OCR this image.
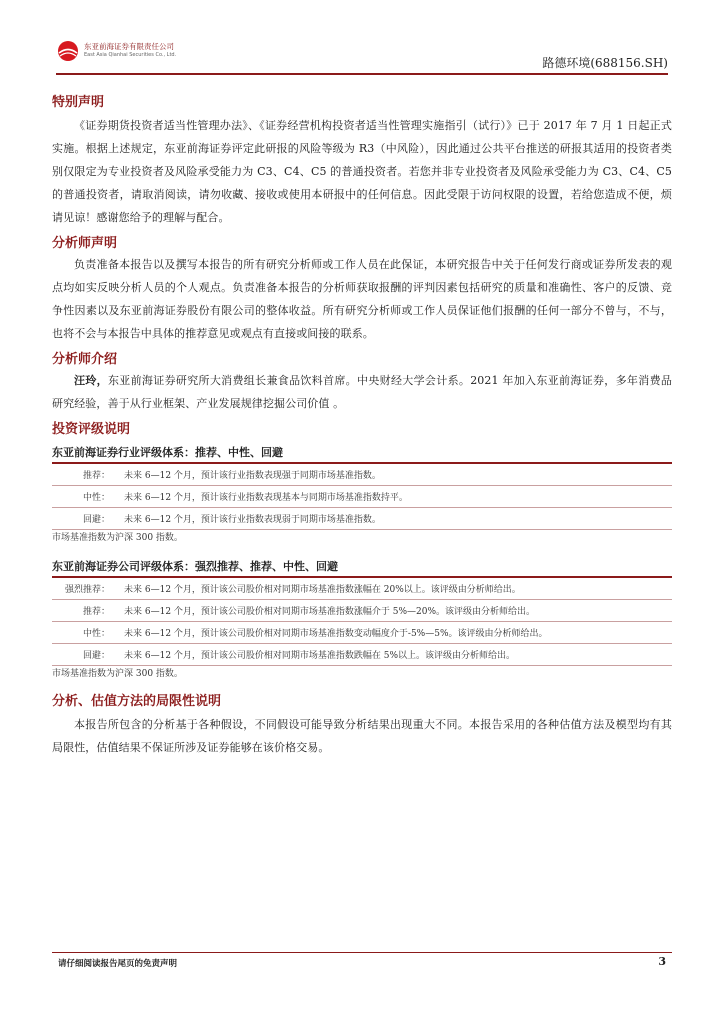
东亚前海证券有限责任公司
East Asia Qianhai Securities Co., Ltd.
路德环境(688156.SH)
特别声明

《证券期货投资者适当性管理办法》、《证券经营机构投资者适当性管理实施指引（试行）》已于 2017 年 7 月 1 日起正式实施。根据上述规定，东亚前海证券评定此研报的风险等级为 R3（中风险），因此通过公共平台推送的研报其适用的投资者类别仅限定为专业投资者及风险承受能力为 C3、C4、C5 的普通投资者。若您并非专业投资者及风险承受能力为 C3、C4、C5 的普通投资者，请取消阅读，请勿收藏、接收或使用本研报中的任何信息。因此受限于访问权限的设置，若给您造成不便，烦请见谅！感谢您给予的理解与配合。

分析师声明

负责准备本报告以及撰写本报告的所有研究分析师或工作人员在此保证，本研究报告中关于任何发行商或证券所发表的观点均如实反映分析人员的个人观点。负责准备本报告的分析师获取报酬的评判因素包括研究的质量和准确性、客户的反馈、竞争性因素以及东亚前海证券股份有限公司的整体收益。所有研究分析师或工作人员保证他们报酬的任何一部分不曾与，不与，也将不会与本报告中具体的推荐意见或观点有直接或间接的联系。

分析师介绍

汪玲，东亚前海证券研究所大消费组长兼食品饮料首席。中央财经大学会计系。2021 年加入东亚前海证券，多年消费品研究经验，善于从行业框架、产业发展规律挖掘公司价值 。

投资评级说明
东亚前海证券行业评级体系：推荐、中性、回避
推荐：	未来 6—12 个月，预计该行业指数表现强于同期市场基准指数。
中性：	未来 6—12 个月，预计该行业指数表现基本与同期市场基准指数持平。
回避：	未来 6—12 个月，预计该行业指数表现弱于同期市场基准指数。
市场基准指数为沪深 300 指数。
东亚前海证券公司评级体系：强烈推荐、推荐、中性、回避
强烈推荐：	未来 6—12 个月，预计该公司股价相对同期市场基准指数涨幅在 20%以上。该评级由分析师给出。
推荐：	未来 6—12 个月，预计该公司股价相对同期市场基准指数涨幅介于 5%—20%。该评级由分析师给出。
中性：	未来 6—12 个月，预计该公司股价相对同期市场基准指数变动幅度介于-5%—5%。该评级由分析师给出。
回避：	未来 6—12 个月，预计该公司股价相对同期市场基准指数跌幅在 5%以上。该评级由分析师给出。
市场基准指数为沪深 300 指数。
分析、估值方法的局限性说明

本报告所包含的分析基于各种假设，不同假设可能导致分析结果出现重大不同。本报告采用的各种估值方法及模型均有其局限性，估值结果不保证所涉及证券能够在该价格交易。

请仔细阅读报告尾页的免责声明	3
